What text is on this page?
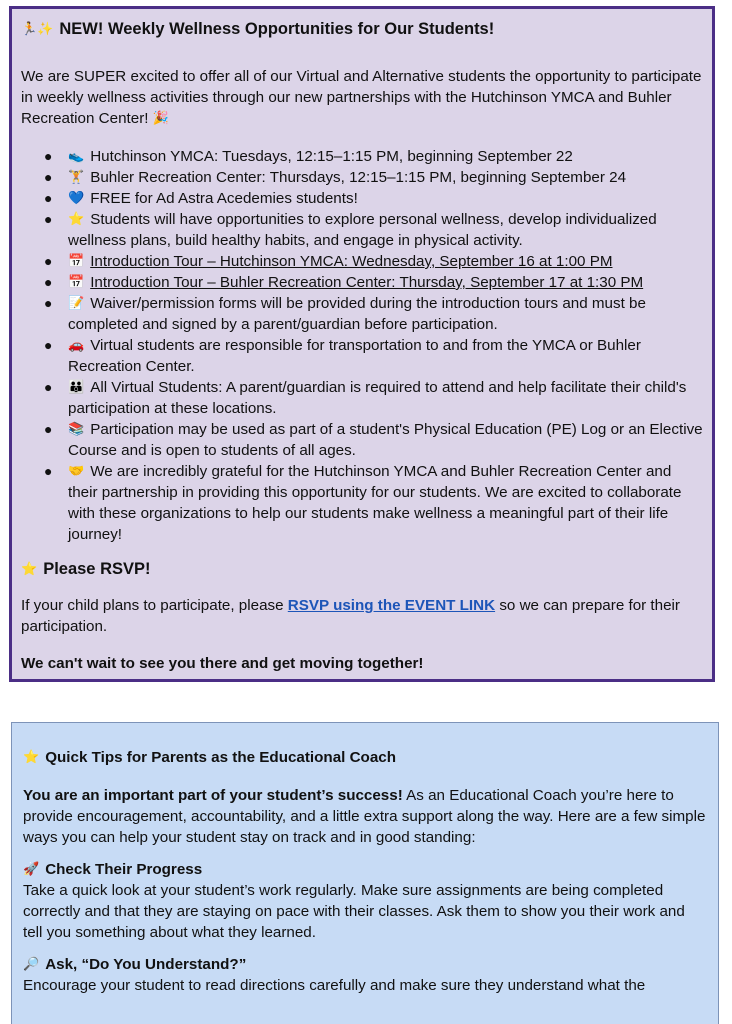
🏃✨ NEW! Weekly Wellness Opportunities for Our Students!

We are SUPER excited to offer all of our Virtual and Alternative students the opportunity to participate in weekly wellness activities through our new partnerships with the Hutchinson YMCA and Buhler Recreation Center! 🎉

● 👟 Hutchinson YMCA: Tuesdays, 12:15–1:15 PM, beginning September 22
● 🏋️ Buhler Recreation Center: Thursdays, 12:15–1:15 PM, beginning September 24
● 💙 FREE for Ad Astra Acedemies students!
● ⭐ Students will have opportunities to explore personal wellness, develop individualized wellness plans, build healthy habits, and engage in physical activity.
● 📅 Introduction Tour – Hutchinson YMCA: Wednesday, September 16 at 1:00 PM
● 📅 Introduction Tour – Buhler Recreation Center: Thursday, September 17 at 1:30 PM
● 📝 Waiver/permission forms will be provided during the introduction tours and must be completed and signed by a parent/guardian before participation.
● 🚗 Virtual students are responsible for transportation to and from the YMCA or Buhler Recreation Center.
● 👪 All Virtual Students: A parent/guardian is required to attend and help facilitate their child's participation at these locations.
● 📚 Participation may be used as part of a student's Physical Education (PE) Log or an Elective Course and is open to students of all ages.
● 🤝 We are incredibly grateful for the Hutchinson YMCA and Buhler Recreation Center and their partnership in providing this opportunity for our students. We are excited to collaborate with these organizations to help our students make wellness a meaningful part of their life journey!
⭐ Please RSVP!

If your child plans to participate, please RSVP using the EVENT LINK so we can prepare for their participation.

We can't wait to see you there and get moving together!

⭐ Quick Tips for Parents as the Educational Coach

You are an important part of your student’s success! As an Educational Coach you’re here to provide encouragement, accountability, and a little extra support along the way. Here are a few simple ways you can help your student stay on track and in good standing:

🚀 Check Their Progress

Take a quick look at your student’s work regularly. Make sure assignments are being completed correctly and that they are staying on pace with their classes. Ask them to show you their work and tell you something about what they learned.

🔎 Ask, “Do You Understand?”

Encourage your student to read directions carefully and make sure they understand what the
